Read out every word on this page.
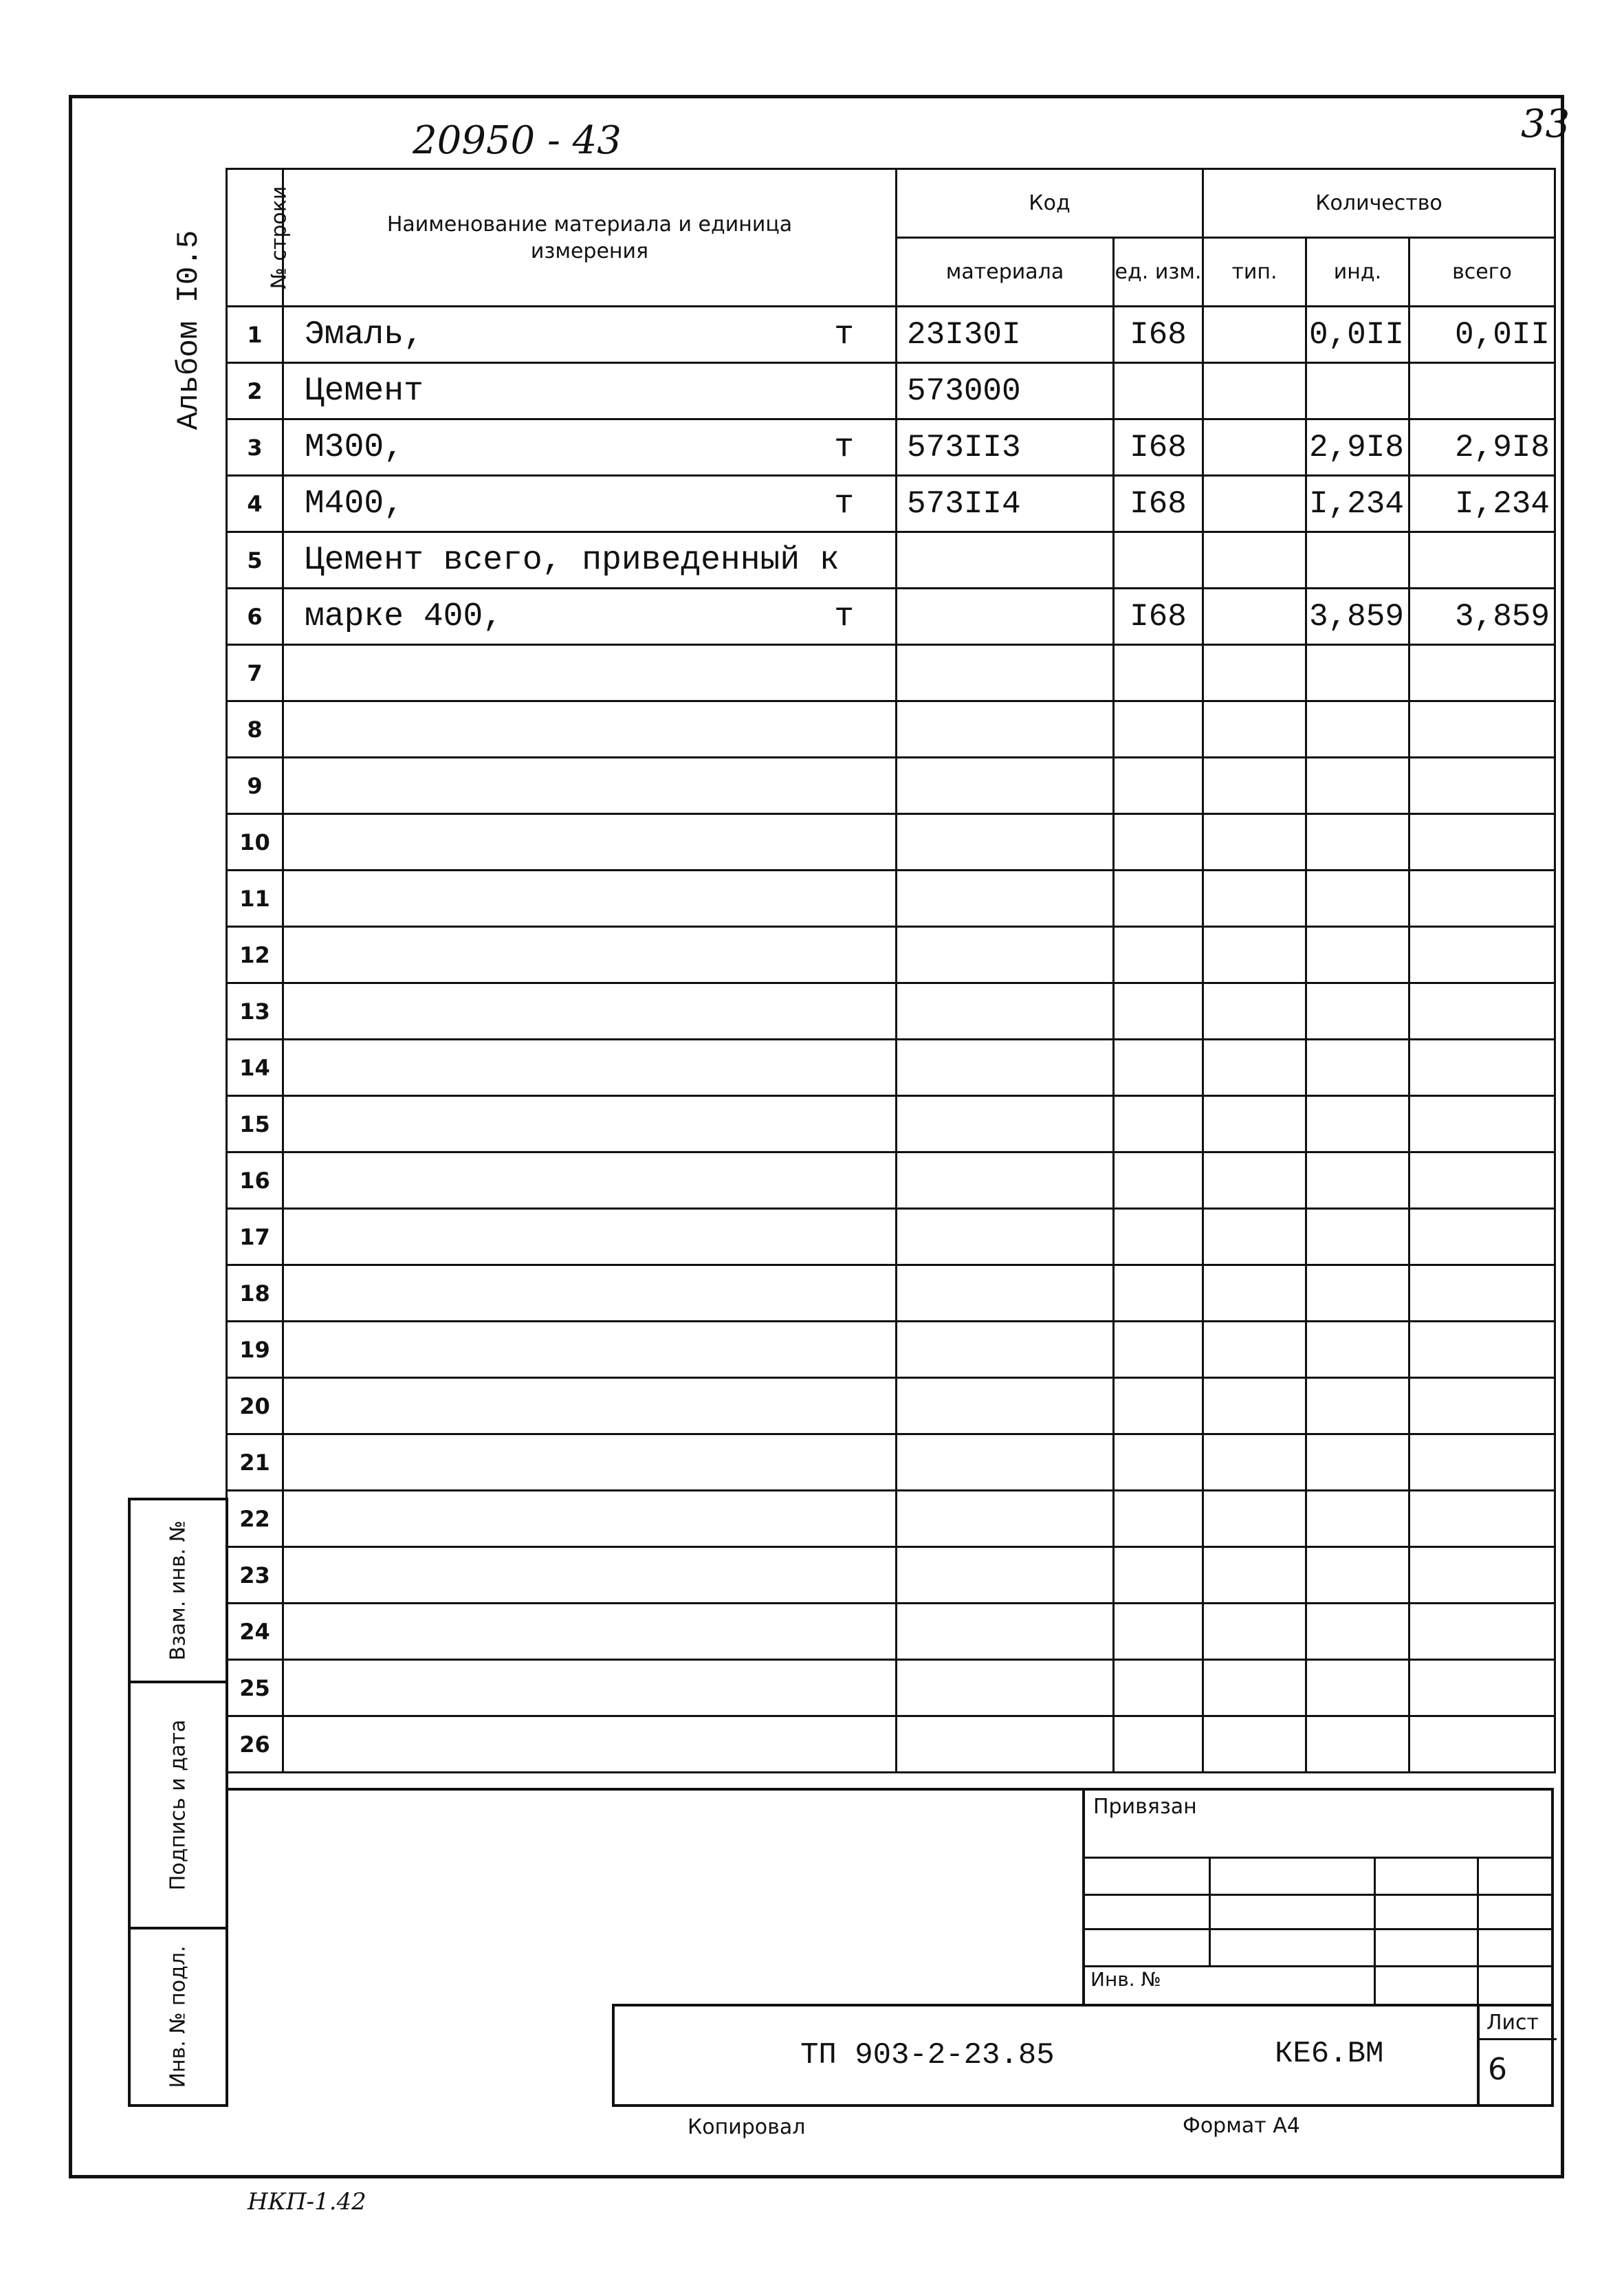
20950 - 43	33
Альбом I0.5	№ строки	Наименование материала и единица измерения	Код		Количество		
		материала	ед. изм.	тип.	инд.	всего
1	Эмаль, т	23I30I	I68		0,0II	0,0II
2	Цемент	573000				
3	М300, т	573II3	I68		2,9I8	2,9I8
4	М400, т	573II4	I68		I,234	I,234
5	Цемент всего, приведенный к

6	марке 400, т		I68		3,859	3,859
7	

8	

9	

10	

11	

12	

13	

14	

15	

16	

17	

18	

19	

20	

21	

22	

23	

24	

25	

26	

Взам. инв. №
Подпись и дата
Инв. № подл.
Привязан
Инв. №
ТП 903-2-23.85	КЕ6.ВМ
Лист
6
Копировал	Формат А4
НКП-1.42
